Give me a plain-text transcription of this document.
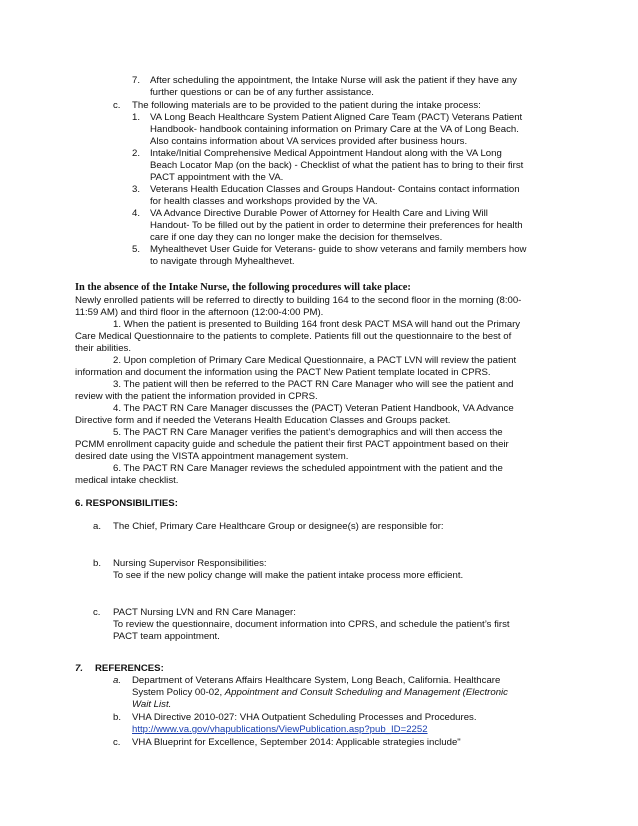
7. After scheduling the appointment, the Intake Nurse will ask the patient if they have any
further questions or can be of any further assistance.
c. The following materials are to be provided to the patient during the intake process:
1. VA Long Beach Healthcare System Patient Aligned Care Team (PACT) Veterans Patient
Handbook- handbook containing information on Primary Care at the VA of Long Beach.
Also contains information about VA services provided after business hours.
2. Intake/Initial Comprehensive Medical Appointment Handout along with the VA Long
Beach Locator Map (on the back) - Checklist of what the patient has to bring to their first
PACT appointment with the VA.
3. Veterans Health Education Classes and Groups Handout- Contains contact information
for health classes and workshops provided by the VA.
4. VA Advance Directive Durable Power of Attorney for Health Care and Living Will
Handout- To be filled out by the patient in order to determine their preferences for health
care if one day they can no longer make the decision for themselves.
5. Myhealthevet User Guide for Veterans- guide to show veterans and family members how
to navigate through Myhealthevet.
In the absence of the Intake Nurse, the following procedures will take place:
Newly enrolled patients will be referred to directly to building 164 to the second floor in the morning (8:00-
11:59 AM) and third floor in the afternoon (12:00-4:00 PM).
1. When the patient is presented to Building 164 front desk PACT MSA will hand out the Primary
Care Medical Questionnaire to the patients to complete. Patients fill out the questionnaire to the best of
their abilities.
2. Upon completion of Primary Care Medical Questionnaire, a PACT LVN will review the patient
information and document the information using the PACT New Patient template located in CPRS.
3. The patient will then be referred to the PACT RN Care Manager who will see the patient and
review with the patient the information provided in CPRS.
4. The PACT RN Care Manager discusses the (PACT) Veteran Patient Handbook, VA Advance
Directive form and if needed the Veterans Health Education Classes and Groups packet.
5. The PACT RN Care Manager verifies the patient’s demographics and will then access the
PCMM enrollment capacity guide and schedule the patient their first PACT appointment based on their
desired date using the VISTA appointment management system.
6. The PACT RN Care Manager reviews the scheduled appointment with the patient and the
medical intake checklist.
6. RESPONSIBILITIES:
a. The Chief, Primary Care Healthcare Group or designee(s) are responsible for:
b. Nursing Supervisor Responsibilities:
To see if the new policy change will make the patient intake process more efficient.
c. PACT Nursing LVN and RN Care Manager:
To review the questionnaire, document information into CPRS, and schedule the patient’s first
PACT team appointment.
7. REFERENCES:
a. Department of Veterans Affairs Healthcare System, Long Beach, California. Healthcare
System Policy 00-02, Appointment and Consult Scheduling and Management (Electronic
Wait List.
b. VHA Directive 2010-027: VHA Outpatient Scheduling Processes and Procedures.
http://www.va.gov/vhapublications/ViewPublication.asp?pub_ID=2252
c. VHA Blueprint for Excellence, September 2014: Applicable strategies include"
